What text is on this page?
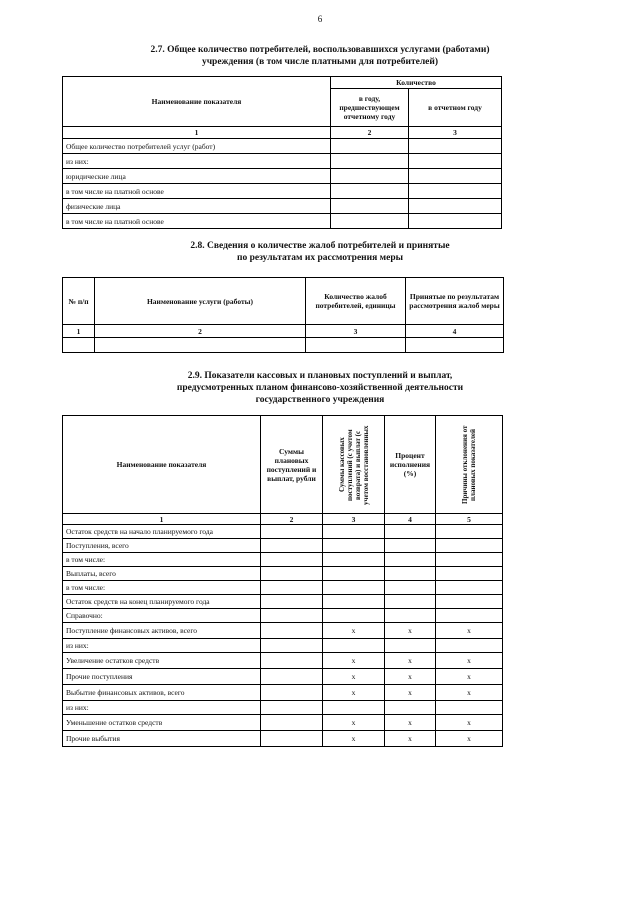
6
2.7. Общее количество потребителей, воспользовавшихся услугами (работами)
учреждения (в том числе платными для потребителей)
Наименование показателя	Количество	
	в году, предшествующем отчетному году	в отчетном году
1	2	3
Общее количество потребителей услуг (работ)		
из них:		
юридические лица		
в том числе на платной основе		
физические лица		
в том числе на платной основе		
2.8. Сведения о количестве жалоб потребителей и принятые
по результатам их рассмотрения меры
№ п/п	Наименование услуги (работы)	Количество жалоб потребителей, единицы	Принятые по результатам рассмотрения жалоб меры
1	2	3	4

2.9. Показатели кассовых и плановых поступлений и выплат,
предусмотренных планом финансово-хозяйственной деятельности
государственного учреждения
Наименование показателя	Суммы плановых поступлений и выплат, рубли	Суммы кассовых поступлений (с учетом возврата) и выплат (с учетом восстановленных	Процент исполнения (%)	Причины отклонения от плановых показателей

1	2	3	4	5
Остаток средств на начало планируемого года				
Поступления, всего				
в том числе:				
Выплаты, всего				
в том числе:				
Остаток средств на конец планируемого года				
Справочно:				
Поступление финансовых активов, всего		x	x	x
из них:				
Увеличение остатков средств		x	x	x
Прочие поступления		x	x	x
Выбытие финансовых активов, всего		x	x	x
из них:				
Уменьшение остатков средств		x	x	x
Прочие выбытия		x	x	x
